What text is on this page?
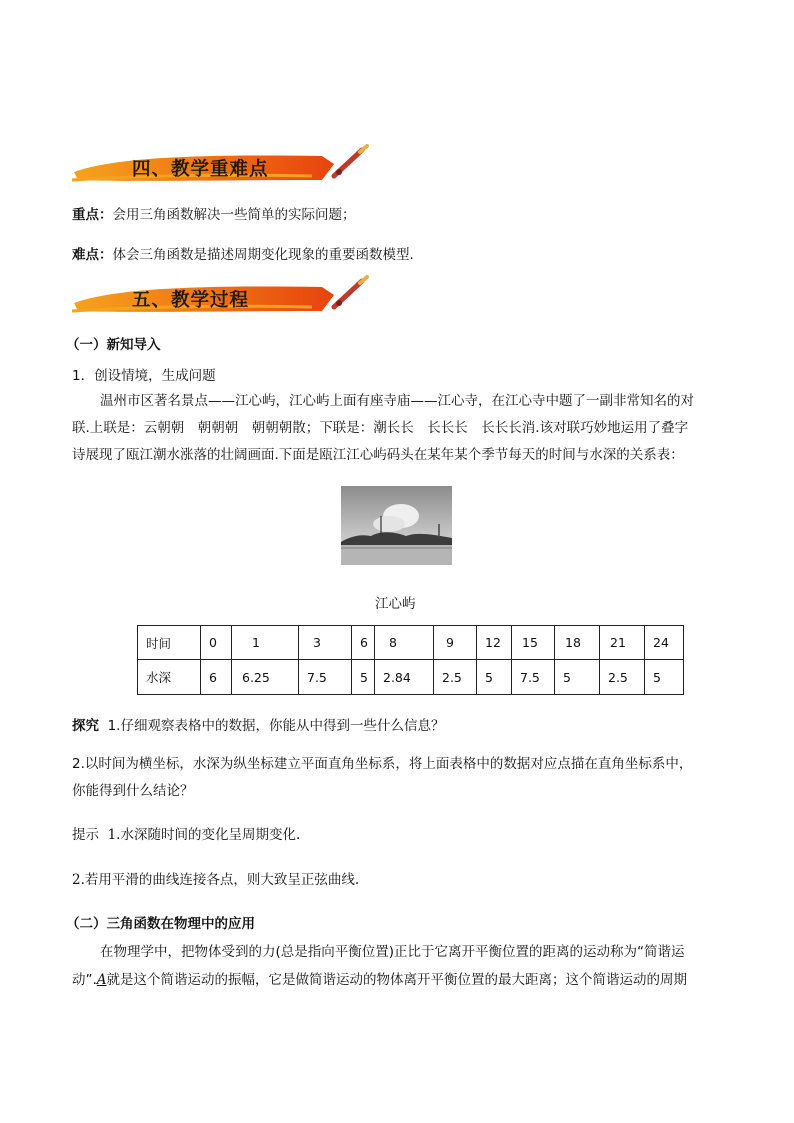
四、教学重难点
重点：会用三角函数解决一些简单的实际问题；
难点：体会三角函数是描述周期变化现象的重要函数模型.
五、教学过程
（一）新知导入
1．创设情境，生成问题
温州市区著名景点——江心屿，江心屿上面有座寺庙——江心寺，在江心寺中题了一副非常知名的对
联.上联是：云朝朝　朝朝朝　朝朝朝散；下联是：潮长长　长长长　长长长消.该对联巧妙地运用了叠字
诗展现了瓯江潮水涨落的壮阔画面.下面是瓯江江心屿码头在某年某个季节每天的时间与水深的关系表：
江心屿
时间	0	1	3	6	8	9	12	15	18	21	24
水深	6	6.25	7.5	5	2.84	2.5	5	7.5	5	2.5	5
探究 1.仔细观察表格中的数据，你能从中得到一些什么信息？
2.以时间为横坐标，水深为纵坐标建立平面直角坐标系，将上面表格中的数据对应点描在直角坐标系中，
你能得到什么结论？
提示 1.水深随时间的变化呈周期变化.
2.若用平滑的曲线连接各点，则大致呈正弦曲线.
（二）三角函数在物理中的应用
在物理学中，把物体受到的力(总是指向平衡位置)正比于它离开平衡位置的距离的运动称为“简谐运
动”.A就是这个简谐运动的振幅，它是做简谐运动的物体离开平衡位置的最大距离；这个简谐运动的周期
